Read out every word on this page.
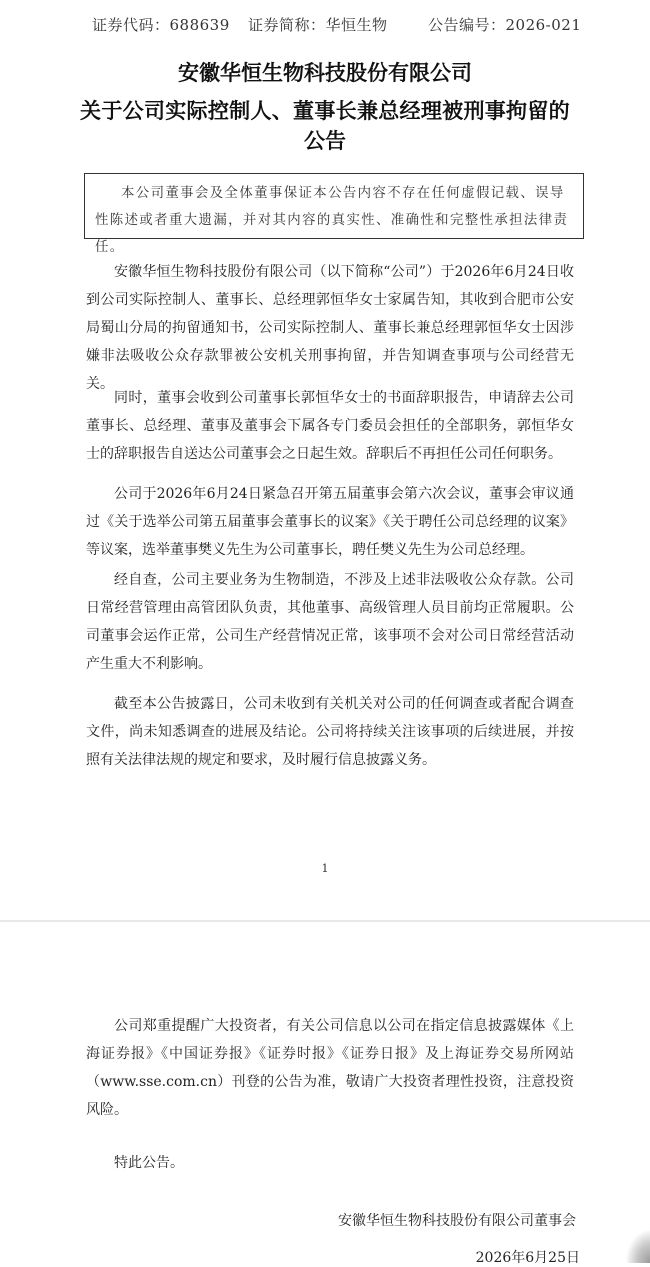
证券代码：688639 证券简称：华恒生物	公告编号：2026-021
安徽华恒生物科技股份有限公司
关于公司实际控制人、董事长兼总经理被刑事拘留的
公告
本公司董事会及全体董事保证本公告内容不存在任何虚假记载、误导性陈述或者重大遗漏，并对其内容的真实性、准确性和完整性承担法律责任。
安徽华恒生物科技股份有限公司（以下简称“公司”）于2026年6月24日收到公司实际控制人、董事长、总经理郭恒华女士家属告知，其收到合肥市公安局蜀山分局的拘留通知书，公司实际控制人、董事长兼总经理郭恒华女士因涉嫌非法吸收公众存款罪被公安机关刑事拘留，并告知调查事项与公司经营无关。
同时，董事会收到公司董事长郭恒华女士的书面辞职报告，申请辞去公司董事长、总经理、董事及董事会下属各专门委员会担任的全部职务，郭恒华女士的辞职报告自送达公司董事会之日起生效。辞职后不再担任公司任何职务。
公司于2026年6月24日紧急召开第五届董事会第六次会议，董事会审议通过《关于选举公司第五届董事会董事长的议案》《关于聘任公司总经理的议案》等议案，选举董事樊义先生为公司董事长，聘任樊义先生为公司总经理。
经自查，公司主要业务为生物制造，不涉及上述非法吸收公众存款。公司日常经营管理由高管团队负责，其他董事、高级管理人员目前均正常履职。公司董事会运作正常，公司生产经营情况正常，该事项不会对公司日常经营活动产生重大不利影响。
截至本公告披露日，公司未收到有关机关对公司的任何调查或者配合调查文件，尚未知悉调查的进展及结论。公司将持续关注该事项的后续进展，并按照有关法律法规的规定和要求，及时履行信息披露义务。
1
公司郑重提醒广大投资者，有关公司信息以公司在指定信息披露媒体《上海证券报》《中国证券报》《证券时报》《证券日报》及上海证券交易所网站（www.sse.com.cn）刊登的公告为准，敬请广大投资者理性投资，注意投资风险。
特此公告。
安徽华恒生物科技股份有限公司董事会
2026年6月25日
